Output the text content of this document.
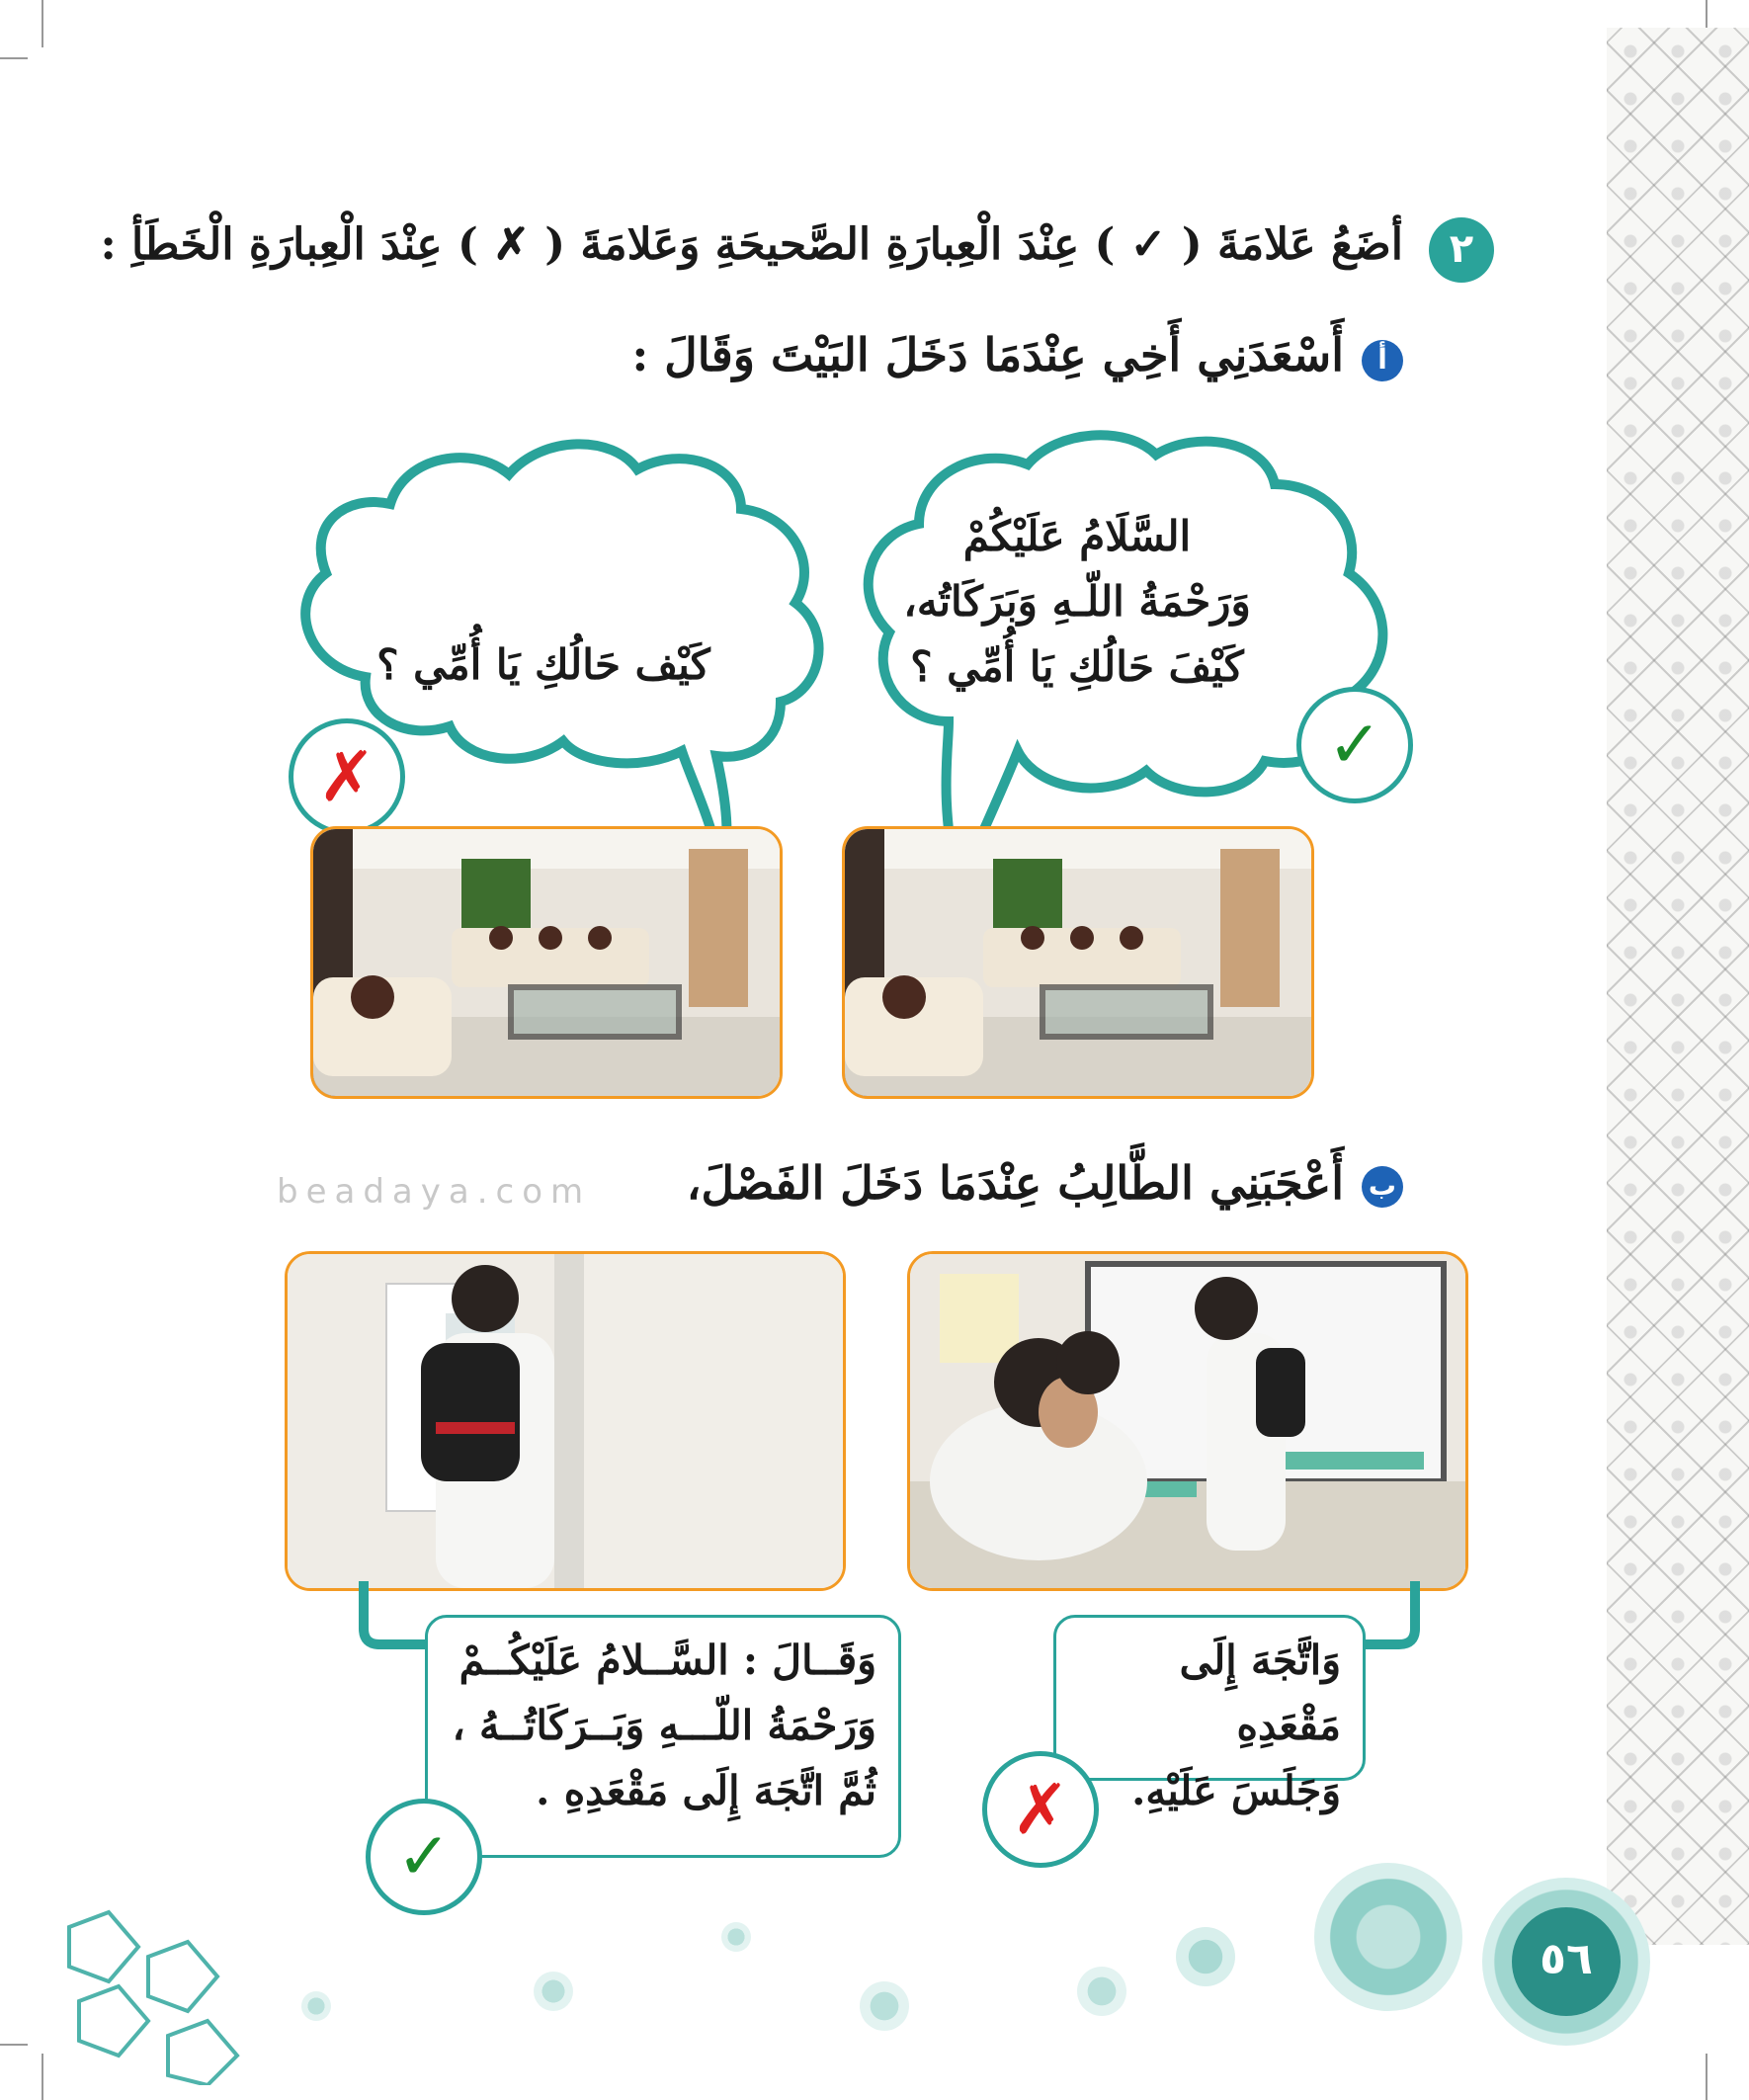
٢
أضَعُ عَلامَةَ ( ✓ ) عِنْدَ الْعِبارَةِ الصَّحيحَةِ وَعَلامَةَ ( ✗ ) عِنْدَ الْعِبارَةِ الْخَطَأِ :
أ
أَسْعَدَنِي أَخِي عِنْدَمَا دَخَلَ البَيْتَ وَقَالَ :
السَّلَامُ عَلَيْكُمْ
وَرَحْمَةُ اللّـهِ وَبَرَكَاتُه،
كَيْفَ حَالُكِ يَا أُمِّي ؟
كَيْف حَالُكِ يَا أُمِّي ؟
✓
✗
beadaya.com	ب
أَعْجَبَنِي الطَّالِبُ عِنْدَمَا دَخَلَ الفَصْلَ،
وَاتَّجَهَ إِلَى مَقْعَدِهِ
وَجَلَسَ عَلَيْهِ.
وَقَــالَ : السَّــلامُ عَلَيْكُــمْ
وَرَحْمَةُ اللّـــهِ وَبَــرَكَاتُــهُ ،
ثُمَّ اتَّجَهَ إِلَى مَقْعَدِهِ .	✗
✓
٥٦
